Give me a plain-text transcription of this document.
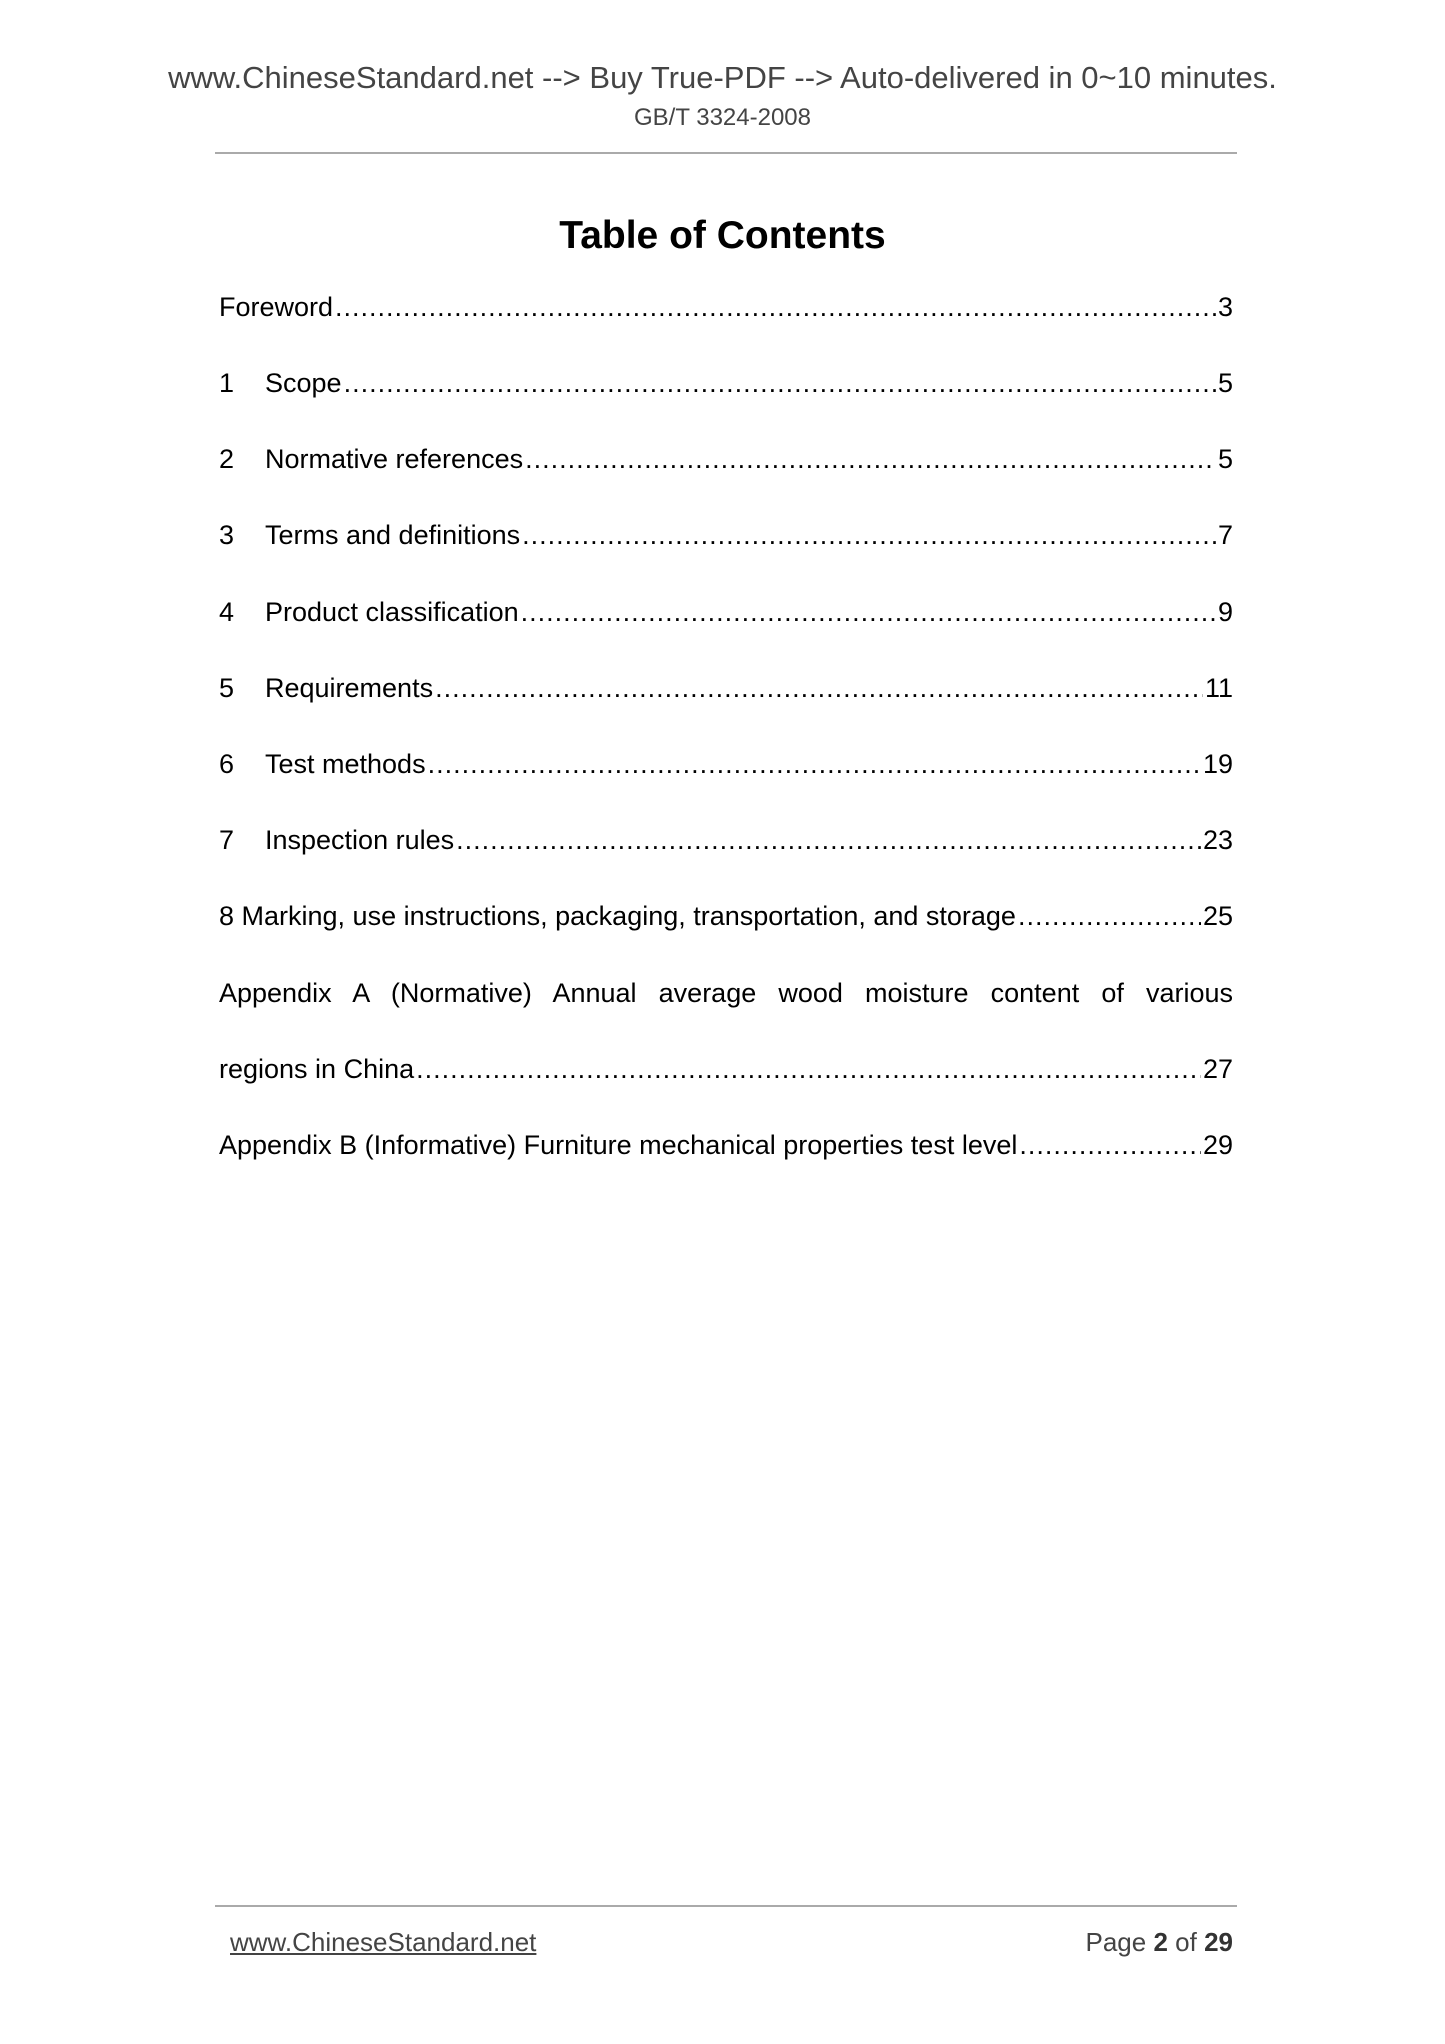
www.ChineseStandard.net --> Buy True-PDF --> Auto-delivered in 0~10 minutes.
GB/T 3324-2008
Table of Contents
Foreword .....	3
1	Scope .....	5
2	Normative references .....	5
3	Terms and definitions .....	7
4	Product classification .....	9
5	Requirements .....	11
6	Test methods .....	19
7	Inspection rules .....	23
8 Marking, use instructions, packaging, transportation, and storage .....	25
Appendix A (Normative) Annual average wood moisture content of various
regions in China .....	27
Appendix B (Informative) Furniture mechanical properties test level .....	29
www.ChineseStandard.net	Page 2 of 29
